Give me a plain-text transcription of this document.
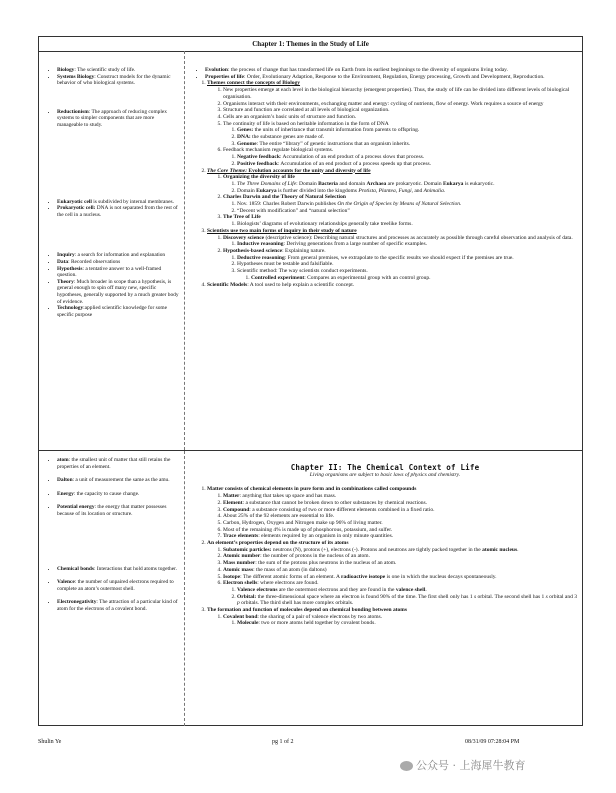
Chapter 1: Themes in the Study of Life
• Biology: The scientific study of life.
• Systems Biology: Construct models for the dynamic behavior of who biological systems.
• Reductionism: The approach of reducing complex systems to simpler components that are more manageable to study.
• Eukaryotic cell is subdivided by internal membranes.
• Prokaryotic cell: DNA is not separated from the rest of the cell in a nucleus.
• Inquiry: a search for information and explanation
• Data: Recorded observations
• Hypothesis: a tentative answer to a well-framed question.
• Theory: Much broader in scope than a hypothesis, is general enough to spin off many new, specific hypotheses, generally supported by a much greater body of evidence.
• Technology:applied scientific knowledge for some specific purpose
• Evolution: the process of change that has transformed life on Earth from its earliest beginnings to the diversity of organisms living today.
• Properties of life: Order, Evolutionary Adaption, Response to the Environment, Regulation, Energy processing, Growth and Development, Reproduction.
1. Themes connect the concepts of Biology
1. New properties emerge at each level in the biological hierarchy (emergent properties). Thus, the study of life can be divided into different levels of biological organisation.
2. Organisms interact with their environments, exchanging matter and energy: cycling of nutrients, flow of energy. Work requires a source of energy
3. Structure and function are correlated at all levels of biological organization.
4. Cells are an organism’s basic units of structure and function.
5. The continuity of life is based on heritable information in the form of DNA
1. Genes: the units of inheritance that transmit information from parents to offspring.
2. DNA: the substance genes are made of.
3. Genome: The entire “library” of genetic instructions that an organism inherits.
6. Feedback mechanism regulate biological systems.
1. Negative feedback: Accumulation of an end product of a process slows that process.
2. Positive feedback: Accumulation of an end product of a process speeds up that process.
2. The Core Theme: Evolution accounts for the unity and diversity of life
1. Organizing the diversity of life
1. The Three Domains of Life: Domain Bacteria and domain Archaea are prokaryotic. Domain Eukarya is eukaryotic.
2. Domain Eukarya is further divided into the kingdoms Protista, Plantea, Fungi, and Animalia.
2. Charles Darwin and the Theory of Natural Selection
1. Nov. 1859: Charles Robert Darwin publishes On the Origin of Species by Means of Natural Selection.
2. “Decent with modification” and “natural selection”
3. The Tree of Life
1. Biologists’ diagrams of evolutionary relationships generally take treelike forms.
3. Scientists use two main forms of inquiry in their study of nature
1. Discovery science (descriptive science): Describing natural structures and processes as accurately as possible through careful observation and analysis of data.
1. Inductive reasoning: Deriving generations from a large number of specific examples.
2. Hypothesis-based science: Explaining nature.
1. Deductive reasoning: From general premises, we extrapolate to the specific results we should expect if the premises are true.
2. Hypotheses must be testable and falsifiable.
3. Scientific method: The way scientists conduct experiments.
1. Controlled experiment: Compares an experimental group with an control group.
4. Scientific Models: A tool used to help explain a scientific concept.
• atom: the smallest unit of matter that still retains the properties of an element.
• Dalton: a unit of measurement the same as the amu.
• Energy: the capacity to cause change.
• Potential energy: the energy that matter possesses because of its location or structure.
• Chemical bonds: Interactions that hold atoms together.
• Valence: the number of unpaired electrons required to complete an atom’s outermost shell.
• Electronegativity: The attraction of a particular kind of atom for the electrons of a covalent bond.
Chapter II: The Chemical Context of Life
Living organisms are subject to basic laws of physics and chemistry.
1. Matter consists of chemical elements in pure form and in combinations called compounds
1. Matter: anything that takes up space and has mass.
2. Element: a substance that cannot be broken down to other substances by chemical reactions.
3. Compound: a substance consisting of two or more different elements combined in a fixed ratio.
4. About 25% of the 92 elements are essential to life.
5. Carbon, Hydrogen, Oxygen and Nitrogen make up 96% of living matter.
6. Most of the remaining 4% is made up of phosphorous, potassium, and sulfer.
7. Trace elements: elements required by an organism in only minute quantities.
2. An element’s properties depend on the structure of its atoms
1. Subatomic particles: neutrons (N), protons (+), electrons (-). Protons and neutrons are tightly packed together in the atomic nucleus.
2. Atomic number: the number of protons in the nucleus of an atom.
3. Mass number: the sum of the protons plus neutrons in the nucleus of an atom.
4. Atomic mass: the mass of an atom (in daltons)
5. Isotope: The different atomic forms of an element. A radioactive isotope is one in which the nucleus decays spontaneously.
6. Electron shells: where electrons are found.
1. Valence electrons are the outermost electrons and they are found in the valence shell.
2. Orbital: the three-dimensional space where an electron is found 90% of the time. The first shell only has 1 s orbital. The second shell has 1 s orbital and 3 p orbitals. The third shell has more complex orbitals.
3. The formation and function of molecules depend on chemical bonding between atoms
1. Covalent bond: the sharing of a pair of valence electrons by two atoms.
1. Molecule: two or more atoms held together by covalent bonds.
Shulin Ye	pg 1 of 2	08/31/09 07:28:04 PM
公众号 · 上海犀牛教育
